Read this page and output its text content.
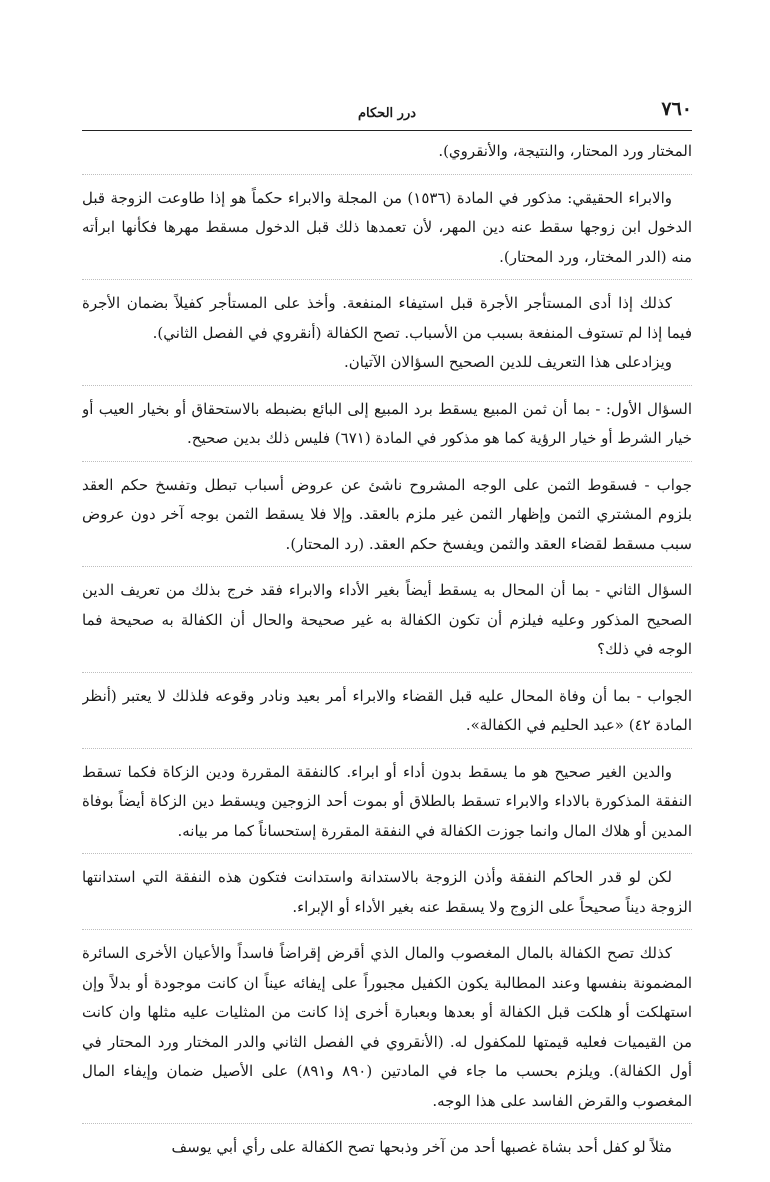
٧٦٠
درر الحكام

المختار ورد المحتار، والنتيجة، والأنقروي).

والابراء الحقيقي: مذكور في المادة (١٥٣٦) من المجلة والابراء حكماً هو إذا طاوعت الزوجة قبل الدخول ابن زوجها سقط عنه دين المهر، لأن تعمدها ذلك قبل الدخول مسقط مهرها فكأنها ابرأته منه (الدر المختار، ورد المحتار).

كذلك إذا أدى المستأجر الأجرة قبل استيفاء المنفعة. وأخذ على المستأجر كفيلاً بضمان الأجرة فيما إذا لم تستوف المنفعة بسبب من الأسباب. تصح الكفالة (أنقروي في الفصل الثاني).

ويزادعلى هذا التعريف للدين الصحيح السؤالان الآتيان.

السؤال الأول: - بما أن ثمن المبيع يسقط برد المبيع إلى البائع بضبطه بالاستحقاق أو بخيار العيب أو خيار الشرط أو خيار الرؤية كما هو مذكور في المادة (٦٧١) فليس ذلك بدين صحيح.

جواب - فسقوط الثمن على الوجه المشروح ناشئ عن عروض أسباب تبطل وتفسخ حكم العقد بلزوم المشتري الثمن وإظهار الثمن غير ملزم بالعقد. وإلا فلا يسقط الثمن بوجه آخر دون عروض سبب مسقط لقضاء العقد والثمن ويفسخ حكم العقد. (رد المحتار).

السؤال الثاني - بما أن المحال به يسقط أيضاً بغير الأداء والابراء فقد خرج بذلك من تعريف الدين الصحيح المذكور وعليه فيلزم أن تكون الكفالة به غير صحيحة والحال أن الكفالة به صحيحة فما الوجه في ذلك؟

الجواب - بما أن وفاة المحال عليه قبل القضاء والابراء أمر بعيد ونادر وقوعه فلذلك لا يعتبر (أنظر المادة ٤٢) «عبد الحليم في الكفالة».

والدين الغير صحيح هو ما يسقط بدون أداء أو ابراء. كالنفقة المقررة ودين الزكاة فكما تسقط النفقة المذكورة بالاداء والابراء تسقط بالطلاق أو بموت أحد الزوجين ويسقط دين الزكاة أيضاً بوفاة المدين أو هلاك المال وانما جوزت الكفالة في النفقة المقررة إستحساناً كما مر بيانه.

لكن لو قدر الحاكم النفقة وأذن الزوجة بالاستدانة واستدانت فتكون هذه النفقة التي استدانتها الزوجة ديناً صحيحاً على الزوج ولا يسقط عنه بغير الأداء أو الإبراء.

كذلك تصح الكفالة بالمال المغصوب والمال الذي أقرض إقراضاً فاسداً والأعيان الأخرى السائرة المضمونة بنفسها وعند المطالبة يكون الكفيل مجبوراً على إيفائه عيناً ان كانت موجودة أو بدلاً وإن استهلكت أو هلكت قبل الكفالة أو بعدها وبعبارة أخرى إذا كانت من المثليات عليه مثلها وان كانت من القيميات فعليه قيمتها للمكفول له. (الأنقروي في الفصل الثاني والدر المختار ورد المحتار في أول الكفالة). ويلزم بحسب ما جاء في المادتين (٨٩٠ و٨٩١) على الأصيل ضمان وإيفاء المال المغصوب والقرض الفاسد على هذا الوجه.

مثلاً لو كفل أحد بشاة غصبها أحد من آخر وذبحها تصح الكفالة على رأي أبي يوسف
